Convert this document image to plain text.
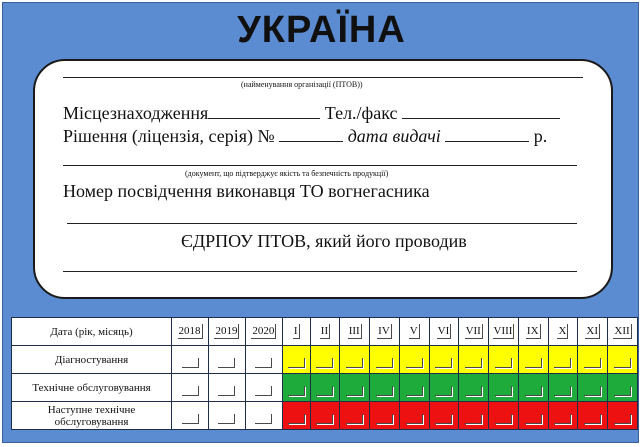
УКРАЇНА
(найменування організації (ПТОВ))
Місцезнаходження	Тел./факс
Рішення (ліцензія, серія) №	дата видачі	р.
(документ, що підтверджує якість та безпечність продукції)
Номер посвідчення виконавця ТО вогнегасника
ЄДРПОУ ПТОВ, який його проводив
Дата (рік, місяць)	2018	2019	2020	I	II	III	IV	V	VI	VII	VIII	IX	X	XI	XII
Діагностування															
Технічне обслуговування															
Наступне технічне обслуговування															
